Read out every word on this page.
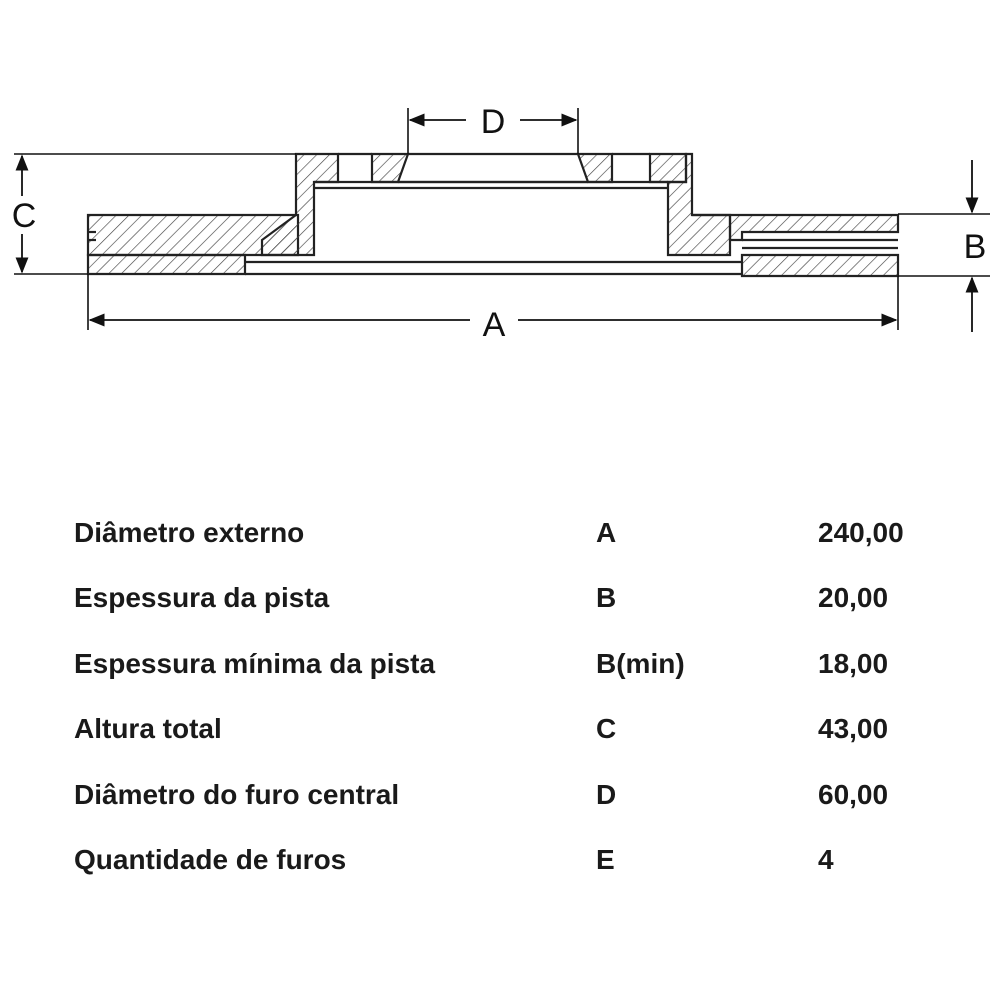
A
D
C
B
Diâmetro externo	A	240,00
Espessura da pista	B	20,00
Espessura mínima da pista	B(min)	18,00
Altura total	C	43,00
Diâmetro do furo central	D	60,00
Quantidade de furos	E	4
